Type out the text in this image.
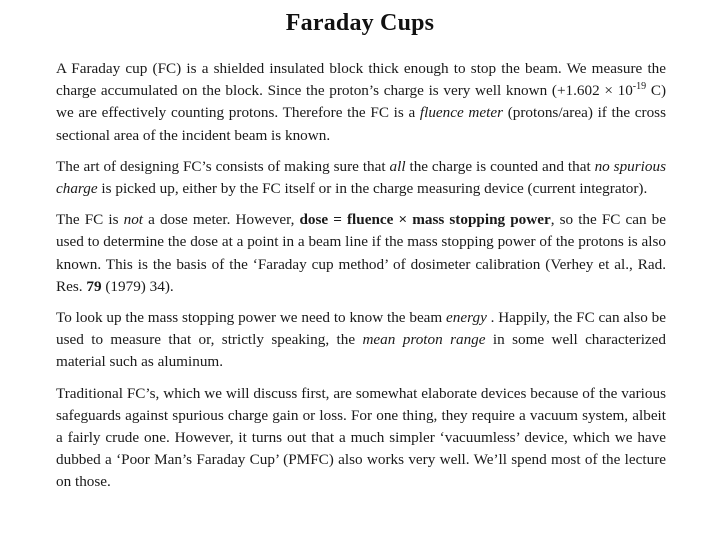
Faraday Cups

A Faraday cup (FC) is a shielded insulated block thick enough to stop the beam. We measure the charge accumulated on the block. Since the proton’s charge is very well known ($+1.602 \times 10^{-19}$ C) we are effectively counting protons. Therefore the FC is a fluence meter (protons/area) if the cross sectional area of the incident beam is known.

The art of designing FC’s consists of making sure that all the charge is counted and that no spurious charge is picked up, either by the FC itself or in the charge measuring device (current integrator).

The FC is not a dose meter. However, dose = fluence × mass stopping power, so the FC can be used to determine the dose at a point in a beam line if the mass stopping power of the protons is also known. This is the basis of the ‘Faraday cup method’ of dosimeter calibration (Verhey et al., Rad. Res. 79 (1979) 34).

To look up the mass stopping power we need to know the beam energy . Happily, the FC can also be used to measure that or, strictly speaking, the mean proton range in some well characterized material such as aluminum.

Traditional FC’s, which we will discuss first, are somewhat elaborate devices because of the various safeguards against spurious charge gain or loss. For one thing, they require a vacuum system, albeit a fairly crude one. However, it turns out that a much simpler ‘vacuumless’ device, which we have dubbed a ‘Poor Man’s Faraday Cup’ (PMFC) also works very well. We’ll spend most of the lecture on those.
